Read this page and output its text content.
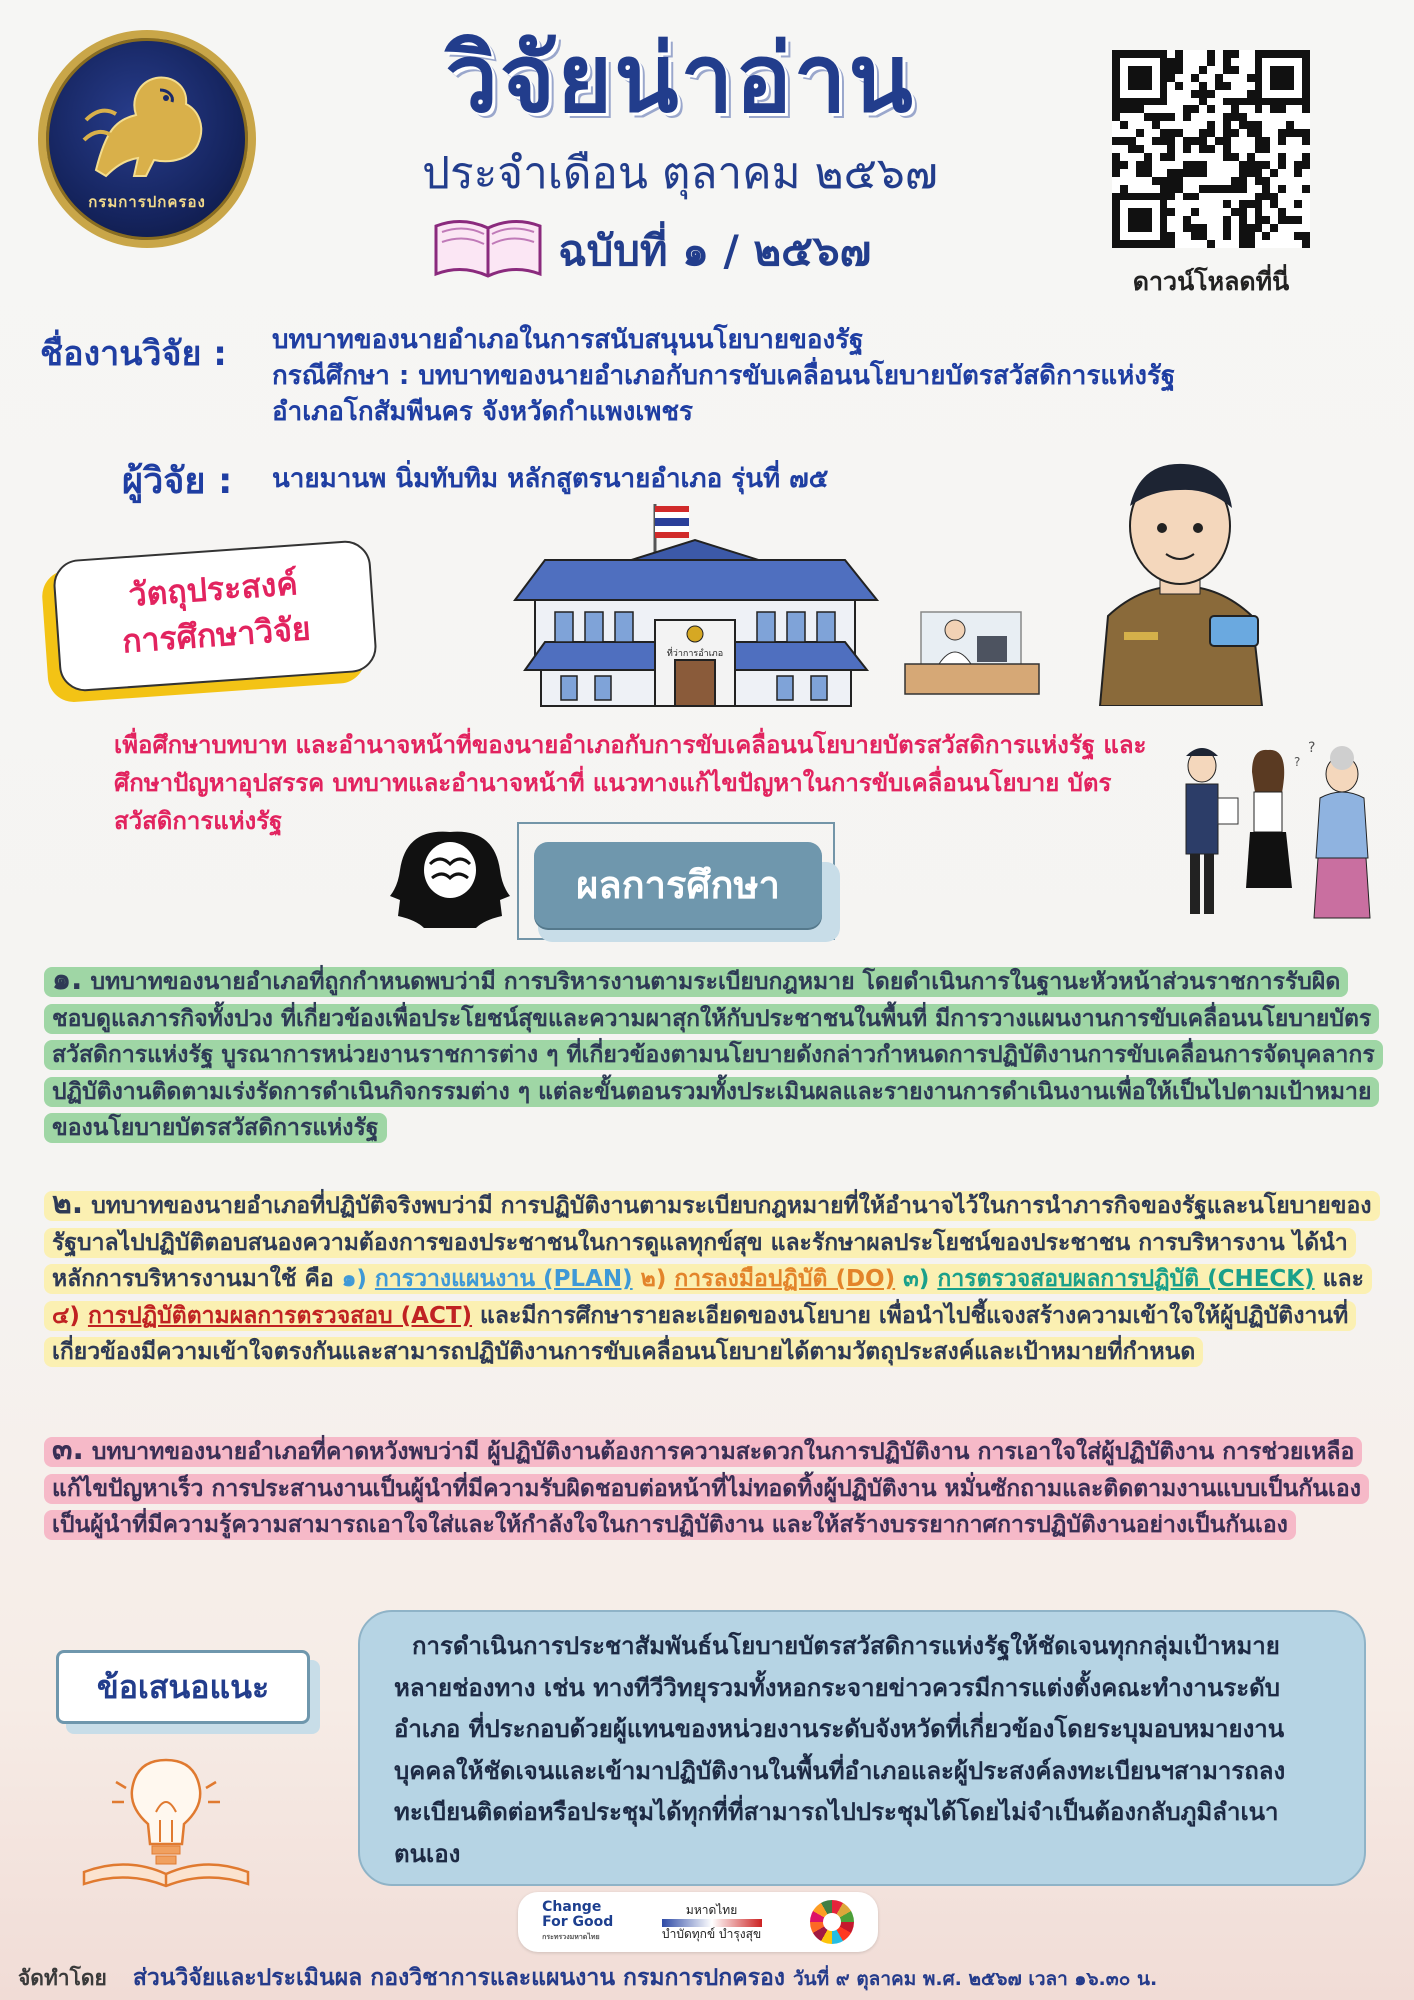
กรมการปกครอง
วิจัยน่าอ่าน
ประจำเดือน ตุลาคม ๒๕๖๗
ฉบับที่ ๑ / ๒๕๖๗
ดาวน์โหลดที่นี่
ชื่องานวิจัย : บทบาทของนายอำเภอในการสนับสนุนนโยบายของรัฐ
กรณีศึกษา : บทบาทของนายอำเภอกับการขับเคลื่อนนโยบายบัตรสวัสดิการแห่งรัฐ
อำเภอโกสัมพีนคร จังหวัดกำแพงเพชร
ผู้วิจัย : นายมานพ นิ่มทับทิม หลักสูตรนายอำเภอ รุ่นที่ ๗๕
ที่ว่าการอำเภอ
?
?
วัตถุประสงค์
การศึกษาวิจัย
เพื่อศึกษาบทบาท และอำนาจหน้าที่ของนายอำเภอกับการขับเคลื่อนนโยบายบัตรสวัสดิการแห่งรัฐ และศึกษาปัญหาอุปสรรค บทบาทและอำนาจหน้าที่ แนวทางแก้ไขปัญหาในการขับเคลื่อนนโยบาย บัตรสวัสดิการแห่งรัฐ
ผลการศึกษา
๑. บทบาทของนายอำเภอที่ถูกกำหนดพบว่ามี การบริหารงานตามระเบียบกฎหมาย โดยดำเนินการในฐานะหัวหน้าส่วนราชการรับผิดชอบดูแลภารกิจทั้งปวง ที่เกี่ยวข้องเพื่อประโยชน์สุขและความผาสุกให้กับประชาชนในพื้นที่ มีการวางแผนงานการขับเคลื่อนนโยบายบัตรสวัสดิการแห่งรัฐ บูรณาการหน่วยงานราชการต่าง ๆ ที่เกี่ยวข้องตามนโยบายดังกล่าวกำหนดการปฏิบัติงานการขับเคลื่อนการจัดบุคลากรปฏิบัติงานติดตามเร่งรัดการดำเนินกิจกรรมต่าง ๆ แต่ละขั้นตอนรวมทั้งประเมินผลและรายงานการดำเนินงานเพื่อให้เป็นไปตามเป้าหมายของนโยบายบัตรสวัสดิการแห่งรัฐ
๒. บทบาทของนายอำเภอที่ปฏิบัติจริงพบว่ามี การปฏิบัติงานตามระเบียบกฎหมายที่ให้อำนาจไว้ในการนำภารกิจของรัฐและนโยบายของรัฐบาลไปปฏิบัติตอบสนองความต้องการของประชาชนในการดูแลทุกข์สุข และรักษาผลประโยชน์ของประชาชน การบริหารงาน ได้นำหลักการบริหารงานมาใช้ คือ ๑) การวางแผนงาน (PLAN) ๒) การลงมือปฏิบัติ (DO) ๓) การตรวจสอบผลการปฏิบัติ (CHECK) และ ๔) การปฏิบัติตามผลการตรวจสอบ (ACT) และมีการศึกษารายละเอียดของนโยบาย เพื่อนำไปชี้แจงสร้างความเข้าใจให้ผู้ปฏิบัติงานที่เกี่ยวข้องมีความเข้าใจตรงกันและสามารถปฏิบัติงานการขับเคลื่อนนโยบายได้ตามวัตถุประสงค์และเป้าหมายที่กำหนด
๓. บทบาทของนายอำเภอที่คาดหวังพบว่ามี ผู้ปฏิบัติงานต้องการความสะดวกในการปฏิบัติงาน การเอาใจใส่ผู้ปฏิบัติงาน การช่วยเหลือแก้ไขปัญหาเร็ว การประสานงานเป็นผู้นำที่มีความรับผิดชอบต่อหน้าที่ไม่ทอดทิ้งผู้ปฏิบัติงาน หมั่นซักถามและติดตามงานแบบเป็นกันเองเป็นผู้นำที่มีความรู้ความสามารถเอาใจใส่และให้กำลังใจในการปฏิบัติงาน และให้สร้างบรรยากาศการปฏิบัติงานอย่างเป็นกันเอง
ข้อเสนอแนะ

การดำเนินการประชาสัมพันธ์นโยบายบัตรสวัสดิการแห่งรัฐให้ชัดเจนทุกกลุ่มเป้าหมายหลายช่องทาง เช่น ทางทีวีวิทยุรวมทั้งหอกระจายข่าวควรมีการแต่งตั้งคณะทำงานระดับอำเภอ ที่ประกอบด้วยผู้แทนของหน่วยงานระดับจังหวัดที่เกี่ยวข้องโดยระบุมอบหมายงานบุคคลให้ชัดเจนและเข้ามาปฏิบัติงานในพื้นที่อำเภอและผู้ประสงค์ลงทะเบียนฯสามารถลงทะเบียนติดต่อหรือประชุมได้ทุกที่ที่สามารถไปประชุมได้โดยไม่จำเป็นต้องกลับภูมิลำเนาตนเอง

Change
For Good
กระทรวงมหาดไทย
มหาดไทย
บำบัดทุกข์ บำรุงสุข
จัดทำโดย ส่วนวิจัยและประเมินผล กองวิชาการและแผนงาน กรมการปกครอง วันที่ ๙ ตุลาคม พ.ศ. ๒๕๖๗ เวลา ๑๖.๓๐ น.
